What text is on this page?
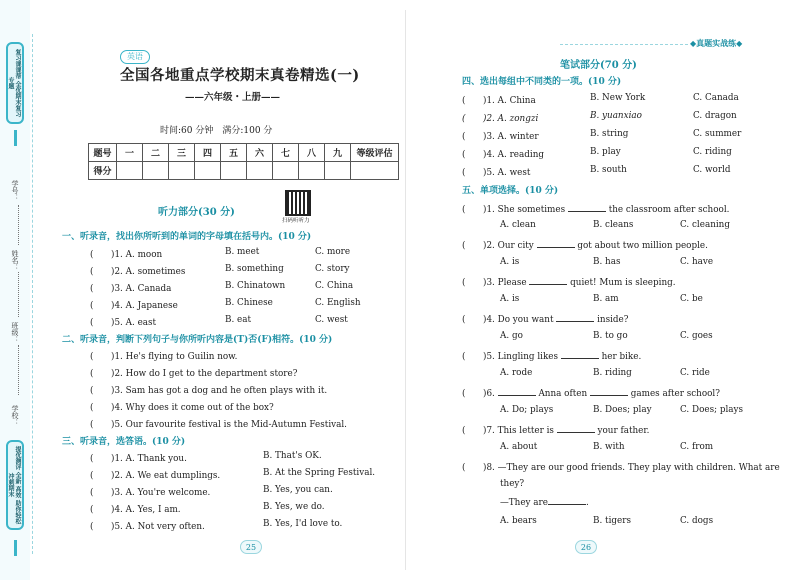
复习课课帮 全优期末复习专题
学号：
姓名：
班级：
学校：
提优测评 全新 高效 助你轻松冲刺期末
英语
全国各地重点学校期末真卷精选(一)
——六年级・上册——
时间:60 分钟　满分:100 分
题号	一	二	三	四	五	六	七	八	九	等级评估
得分										
听力部分(30 分)
扫码听听力
一、听录音，找出你所听到的单词的字母填在括号内。(10 分)
(　　)1. A. moon	B. meet	C. more
(　　)2. A. sometimes	B. something	C. story
(　　)3. A. Canada	B. Chinatown	C. China
(　　)4. A. Japanese	B. Chinese	C. English
(　　)5. A. east	B. eat	C. west
二、听录音，判断下列句子与你所听内容是(T)否(F)相符。(10 分)
(　　)1. He's flying to Guilin now.
(　　)2. How do I get to the department store?
(　　)3. Sam has got a dog and he often plays with it.
(　　)4. Why does it come out of the box?
(　　)5. Our favourite festival is the Mid-Autumn Festival.
三、听录音，选答语。(10 分)
(　　)1. A. Thank you.	B. That's OK.
(　　)2. A. We eat dumplings.	B. At the Spring Festival.
(　　)3. A. You're welcome.	B. Yes, you can.
(　　)4. A. Yes, I am.	B. Yes, we do.
(　　)5. A. Not very often.	B. Yes, I'd love to.
25
◆真题实战练◆
笔试部分(70 分)
四、选出每组中不同类的一项。(10 分)
(　　)1. A. China	B. New York	C. Canada
(　　)2. A. zongzi	B. yuanxiao	C. dragon
(　　)3. A. winter	B. string	C. summer
(　　)4. A. reading	B. play	C. riding
(　　)5. A. west	B. south	C. world
五、单项选择。(10 分)
(　　)1. She sometimes	the classroom after school.
A. clean	B. cleans	C. cleaning
(　　)2. Our city	got about two million people.
A. is	B. has	C. have
(　　)3. Please	quiet! Mum is sleeping.
A. is	B. am	C. be
(　　)4. Do you want	inside?
A. go	B. to go	C. goes
(　　)5. Lingling likes	her bike.
A. rode	B. riding	C. ride
(　　)6.	Anna often	games after school?
A. Do; plays	B. Does; play	C. Does; plays
(　　)7. This letter is	your father.
A. about	B. with	C. from
(　　)8. —They are our good friends. They play with children. What are
they?
—They are	.
A. bears	B. tigers	C. dogs
26
